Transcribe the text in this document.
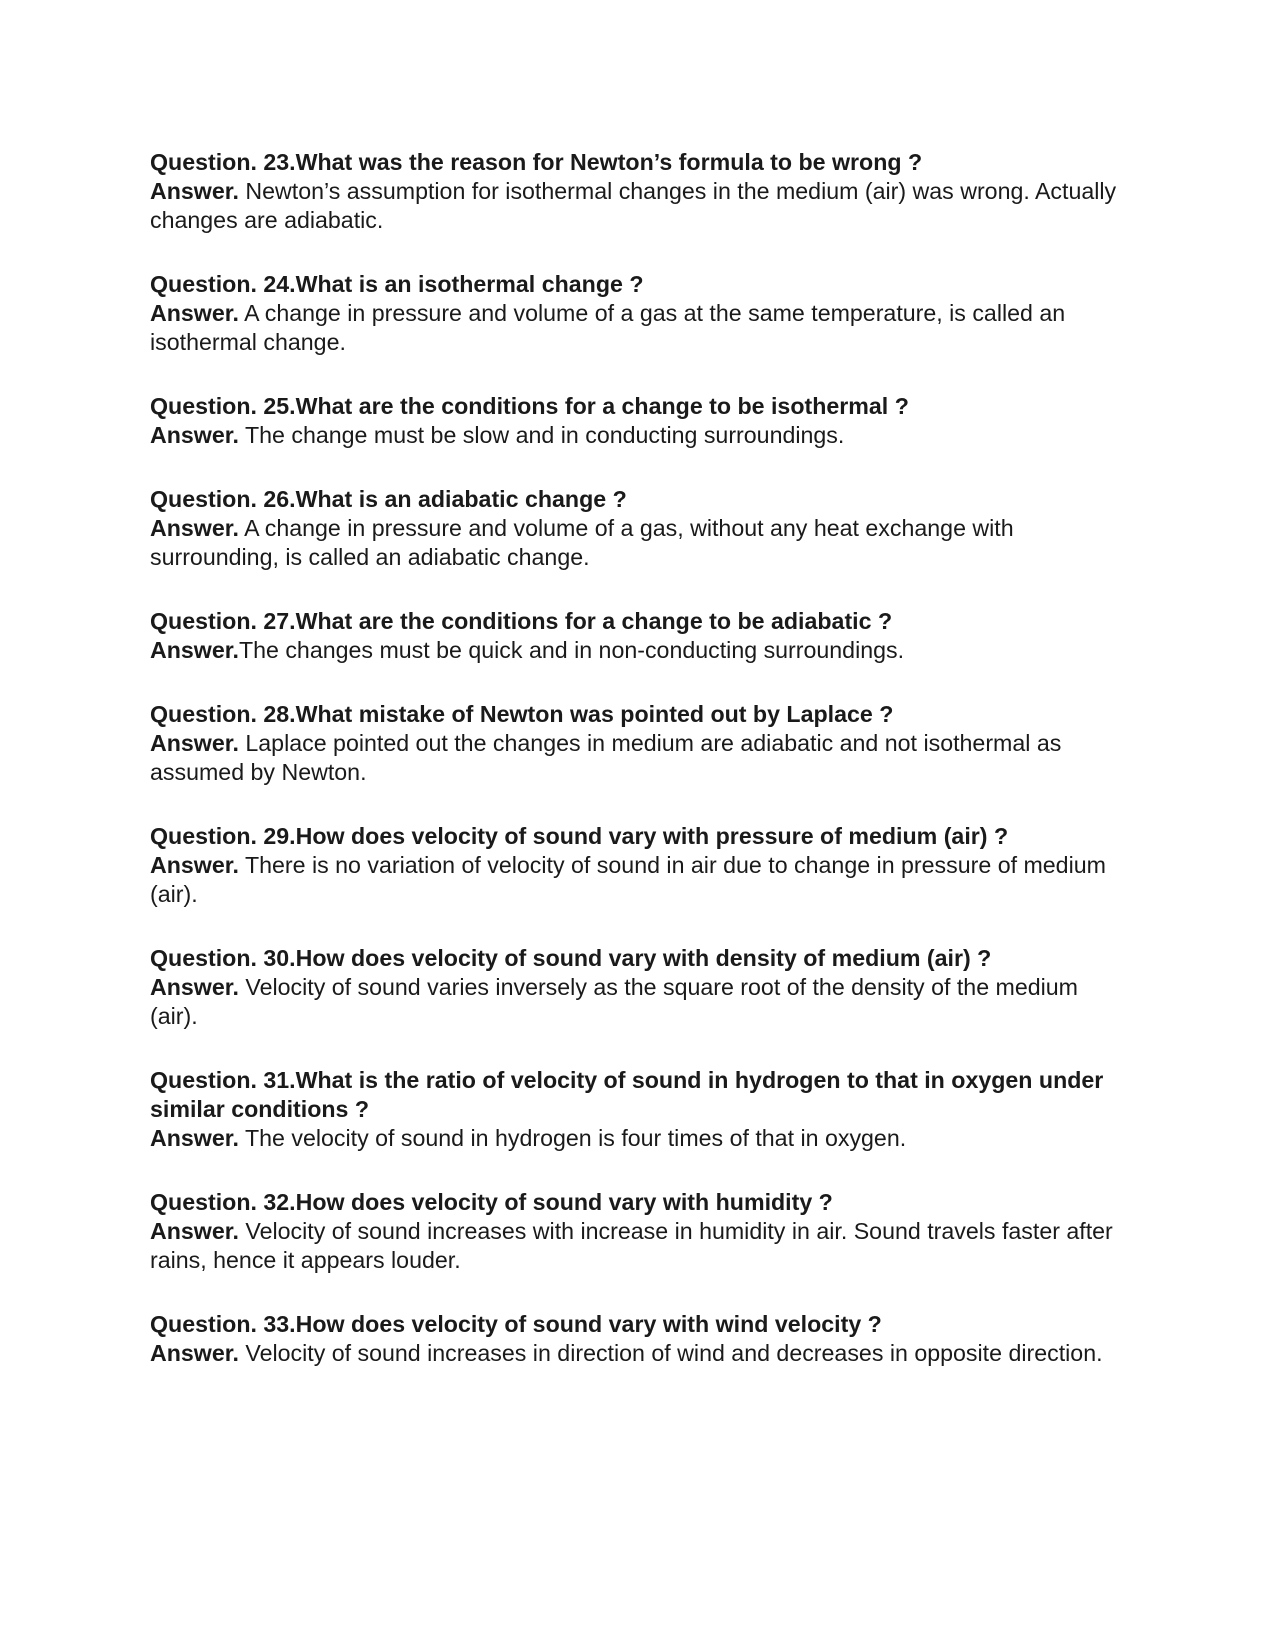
Question. 23.What was the reason for Newton’s formula to be wrong ?

Answer. Newton’s assumption for isothermal changes in the medium (air) was wrong. Actually changes are adiabatic.

Question. 24.What is an isothermal change ?

Answer. A change in pressure and volume of a gas at the same temperature, is called an isothermal change.

Question. 25.What are the conditions for a change to be isothermal ?

Answer. The change must be slow and in conducting surroundings.

Question. 26.What is an adiabatic change ?

Answer. A change in pressure and volume of a gas, without any heat exchange with surrounding, is called an adiabatic change.

Question. 27.What are the conditions for a change to be adiabatic ?

Answer.The changes must be quick and in non-conducting surroundings.

Question. 28.What mistake of Newton was pointed out by Laplace ?

Answer. Laplace pointed out the changes in medium are adiabatic and not isothermal as assumed by Newton.

Question. 29.How does velocity of sound vary with pressure of medium (air) ?

Answer. There is no variation of velocity of sound in air due to change in pressure of medium (air).

Question. 30.How does velocity of sound vary with density of medium (air) ?

Answer. Velocity of sound varies inversely as the square root of the density of the medium (air).

Question. 31.What is the ratio of velocity of sound in hydrogen to that in oxygen under similar conditions ?

Answer. The velocity of sound in hydrogen is four times of that in oxygen.

Question. 32.How does velocity of sound vary with humidity ?

Answer. Velocity of sound increases with increase in humidity in air. Sound travels faster after rains, hence it appears louder.

Question. 33.How does velocity of sound vary with wind velocity ?

Answer. Velocity of sound increases in direction of wind and decreases in opposite direction.
